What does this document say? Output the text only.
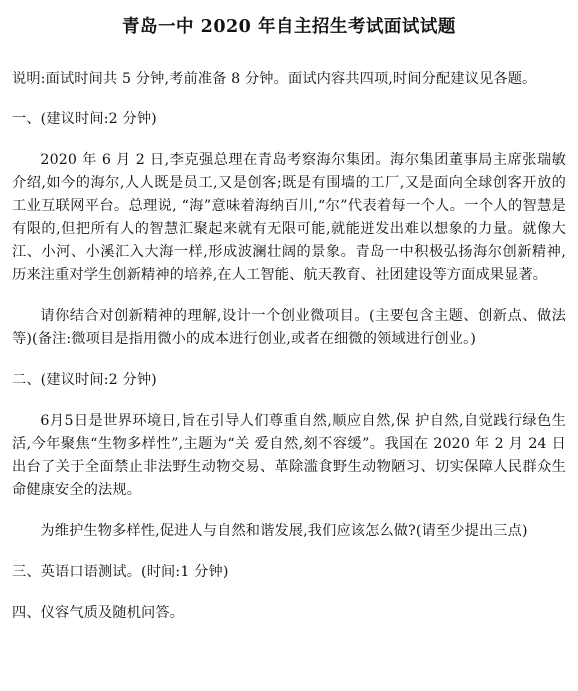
青岛一中 2020 年自主招生考试面试试题

说明:面试时间共 5 分钟,考前准备 8 分钟。面试内容共四项,时间分配建议见各题。

一、(建议时间:2 分钟)

2020 年 6 月 2 日,李克强总理在青岛考察海尔集团。海尔集团董事局主席张瑞敏介绍,如今的海尔,人人既是员工,又是创客;既是有围墙的工厂,又是面向全球创客开放的工业互联网平台。总理说, “海”意味着海纳百川,“尔”代表着每一个人。一个人的智慧是有限的,但把所有人的智慧汇聚起来就有无限可能,就能迸发出难以想象的力量。就像大江、小河、小溪汇入大海一样,形成波澜壮阔的景象。青岛一中积极弘扬海尔创新精神,历来注重对学生创新精神的培养,在人工智能、航天教育、社团建设等方面成果显著。

请你结合对创新精神的理解,设计一个创业微项目。(主要包含主题、创新点、做法等)(备注:微项目是指用微小的成本进行创业,或者在细微的领域进行创业。)

二、(建议时间:2 分钟)

6月5日是世界环境日,旨在引导人们尊重自然,顺应自然,保 护自然,自觉践行绿色生活,今年聚焦“生物多样性”,主题为“关 爱自然,刻不容缓”。我国在 2020 年 2 月 24 日出台了关于全面禁止非法野生动物交易、革除滥食野生动物陋习、切实保障人民群众生命健康安全的法规。

为维护生物多样性,促进人与自然和谐发展,我们应该怎么做?(请至少提出三点)

三、英语口语测试。(时间:1 分钟)

四、仪容气质及随机问答。
